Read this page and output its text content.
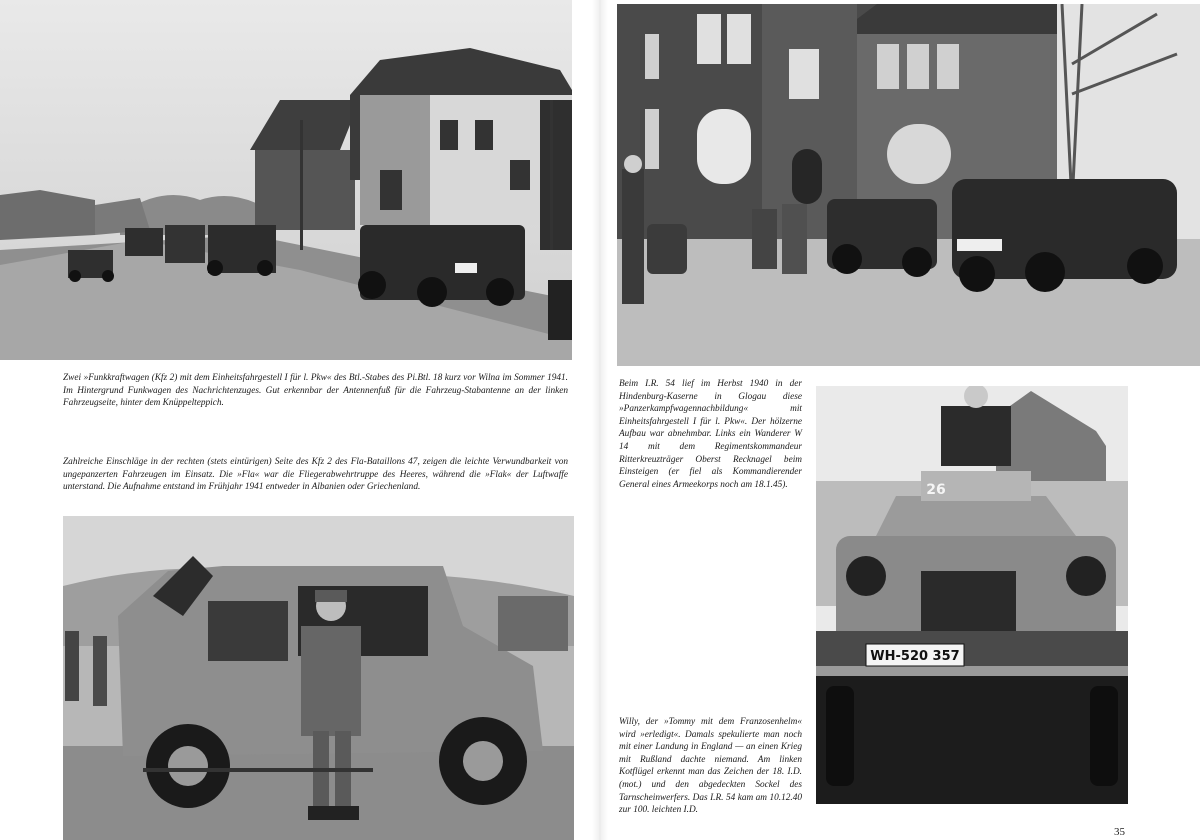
WH-520 357
26
Zwei »Funkkraftwagen (Kfz 2) mit dem Einheitsfahrgestell I für l. Pkw« des Btl.-Stabes des Pi.Btl. 18 kurz vor Wilna im Sommer 1941. Im Hintergrund Funkwagen des Nachrichtenzuges. Gut erkennbar der Antennenfuß für die Fahrzeug-Stabantenne an der linken Fahrzeugseite, hinter dem Knüppelteppich.
Zahlreiche Einschläge in der rechten (stets eintürigen) Seite des Kfz 2 des Fla-Bataillons 47, zeigen die leichte Verwundbarkeit von ungepanzerten Fahrzeugen im Einsatz. Die »Fla« war die Fliegerabwehrtruppe des Heeres, während die »Flak« der Luftwaffe unterstand. Die Aufnahme entstand im Frühjahr 1941 entweder in Albanien oder Griechenland.
Beim I.R. 54 lief im Herbst 1940 in der Hindenburg-Kaserne in Glogau diese »Panzerkampfwagennachbildung« mit Einheitsfahrgestell I für l. Pkw«. Der hölzerne Aufbau war abnehmbar. Links ein Wanderer W 14 mit dem Regimentskommandeur Ritterkreuzträger Oberst Recknagel beim Einsteigen (er fiel als Kommandierender General eines Armeekorps noch am 18.1.45).
Willy, der »Tommy mit dem Franzosenhelm« wird »erledigt«. Damals spekulierte man noch mit einer Landung in England — an einen Krieg mit Rußland dachte niemand. Am linken Kotflügel erkennt man das Zeichen der 18. I.D. (mot.) und den abgedeckten Sockel des Tarnscheinwerfers. Das I.R. 54 kam am 10.12.40 zur 100. leichten I.D.
35
